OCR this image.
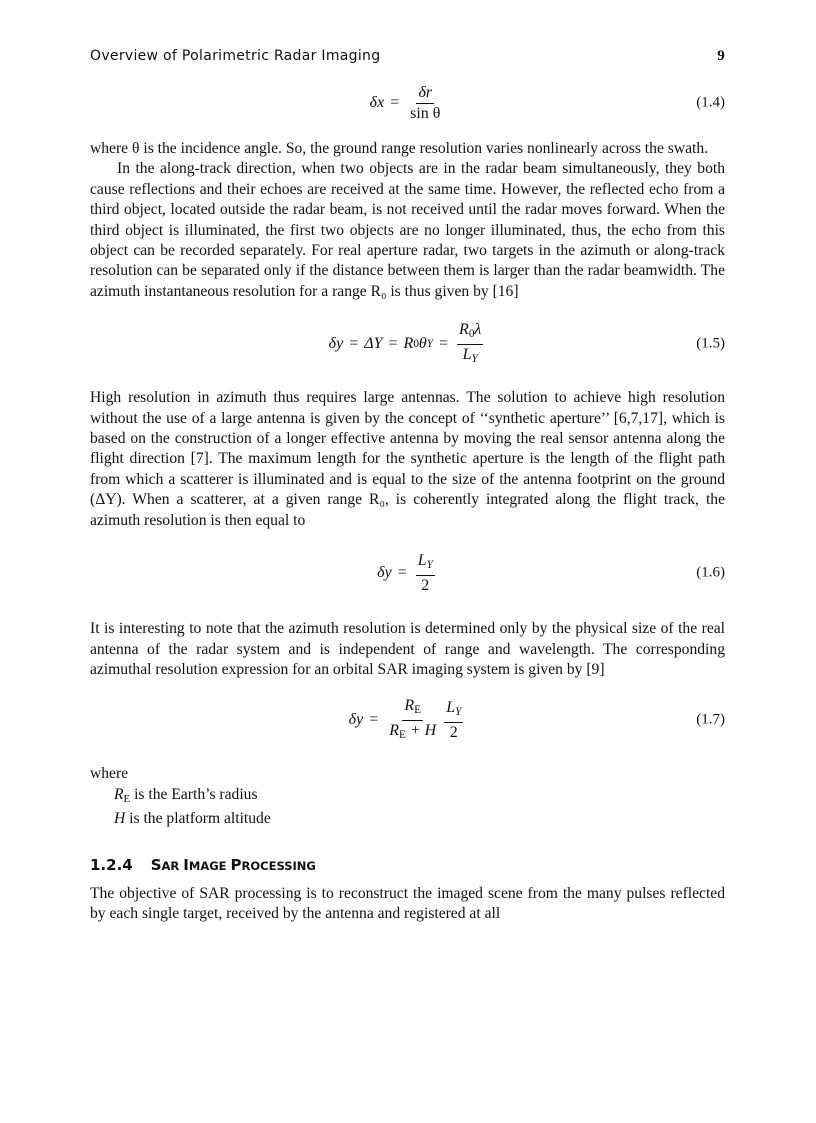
Overview of Polarimetric Radar Imaging	9
$\delta x = \frac{\delta r}{\text{sin θ}}$	(1.4)

where θ is the incidence angle. So, the ground range resolution varies nonlinearly across the swath.

In the along-track direction, when two objects are in the radar beam simultaneously, they both cause reflections and their echoes are received at the same time. However, the reflected echo from a third object, located outside the radar beam, is not received until the radar moves forward. When the third object is illuminated, the first two objects are no longer illuminated, thus, the echo from this object can be recorded separately. For real aperture radar, two targets in the azimuth or along-track resolution can be separated only if the distance between them is larger than the radar beamwidth. The azimuth instantaneous resolution for a range R₀ is thus given by [16]

δy = ΔY = R 0 θ $Y = \frac{R_0\lambda}{L_Y}$	(1.5)

High resolution in azimuth thus requires large antennas. The solution to achieve high resolution without the use of a large antenna is given by the concept of ‘‘synthetic aperture’’ [6,7,17], which is based on the construction of a longer effective antenna by moving the real sensor antenna along the flight direction [7]. The maximum length for the synthetic aperture is the length of the flight path from which a scatterer is illuminated and is equal to the size of the antenna footprint on the ground (ΔY). When a scatterer, at a given range R₀, is coherently integrated along the flight track, the azimuth resolution is then equal to

$\delta y = \frac{L_Y}{2}$	(1.6)

It is interesting to note that the azimuth resolution is determined only by the physical size of the real antenna of the radar system and is independent of range and wavelength. The corresponding azimuthal resolution expression for an orbital SAR imaging system is given by [9]

$\delta y = \frac{R_E}{R_E + H} \frac{L_Y}{2}$	(1.7)
where
$R_E$ is the Earth’s radius
H is the platform altitude
1.2.4 SAR IMAGE PROCESSING

The objective of SAR processing is to reconstruct the imaged scene from the many pulses reflected by each single target, received by the antenna and registered at all
